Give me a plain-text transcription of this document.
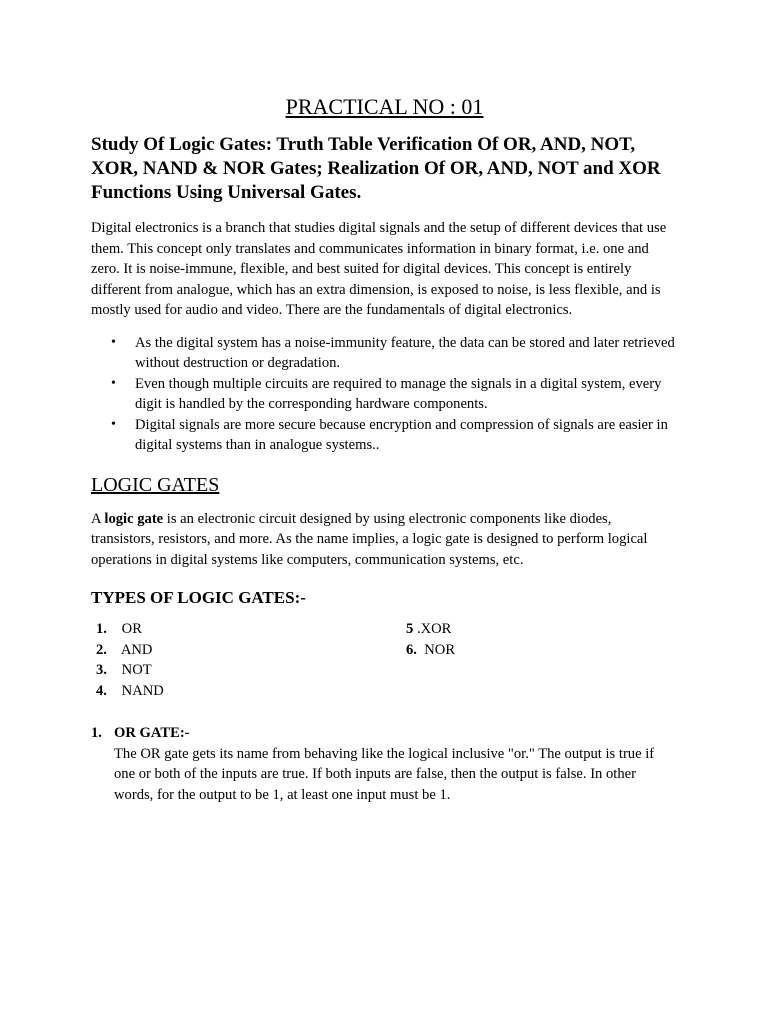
PRACTICAL NO : 01
Study Of Logic Gates: Truth Table Verification Of OR, AND, NOT, XOR, NAND & NOR Gates; Realization Of OR, AND, NOT and XOR Functions Using Universal Gates.

Digital electronics is a branch that studies digital signals and the setup of different devices that use them. This concept only translates and communicates information in binary format, i.e. one and zero. It is noise-immune, flexible, and best suited for digital devices. This concept is entirely different from analogue, which has an extra dimension, is exposed to noise, is less flexible, and is mostly used for audio and video. There are the fundamentals of digital electronics.

• As the digital system has a noise-immunity feature, the data can be stored and later retrieved without destruction or degradation.
• Even though multiple circuits are required to manage the signals in a digital system, every digit is handled by the corresponding hardware components.
• Digital signals are more secure because encryption and compression of signals are easier in digital systems than in analogue systems..
LOGIC GATES

A logic gate is an electronic circuit designed by using electronic components like diodes, transistors, resistors, and more. As the name implies, a logic gate is designed to perform logical operations in digital systems like computers, communication systems, etc.

TYPES OF LOGIC GATES:-
1. OR
2. AND
3. NOT
4. NAND
5 .XOR
6.  NOR
1. OR GATE:-

The OR gate gets its name from behaving like the logical inclusive "or." The output is true if one or both of the inputs are true. If both inputs are false, then the output is false. In other words, for the output to be 1, at least one input must be 1.
